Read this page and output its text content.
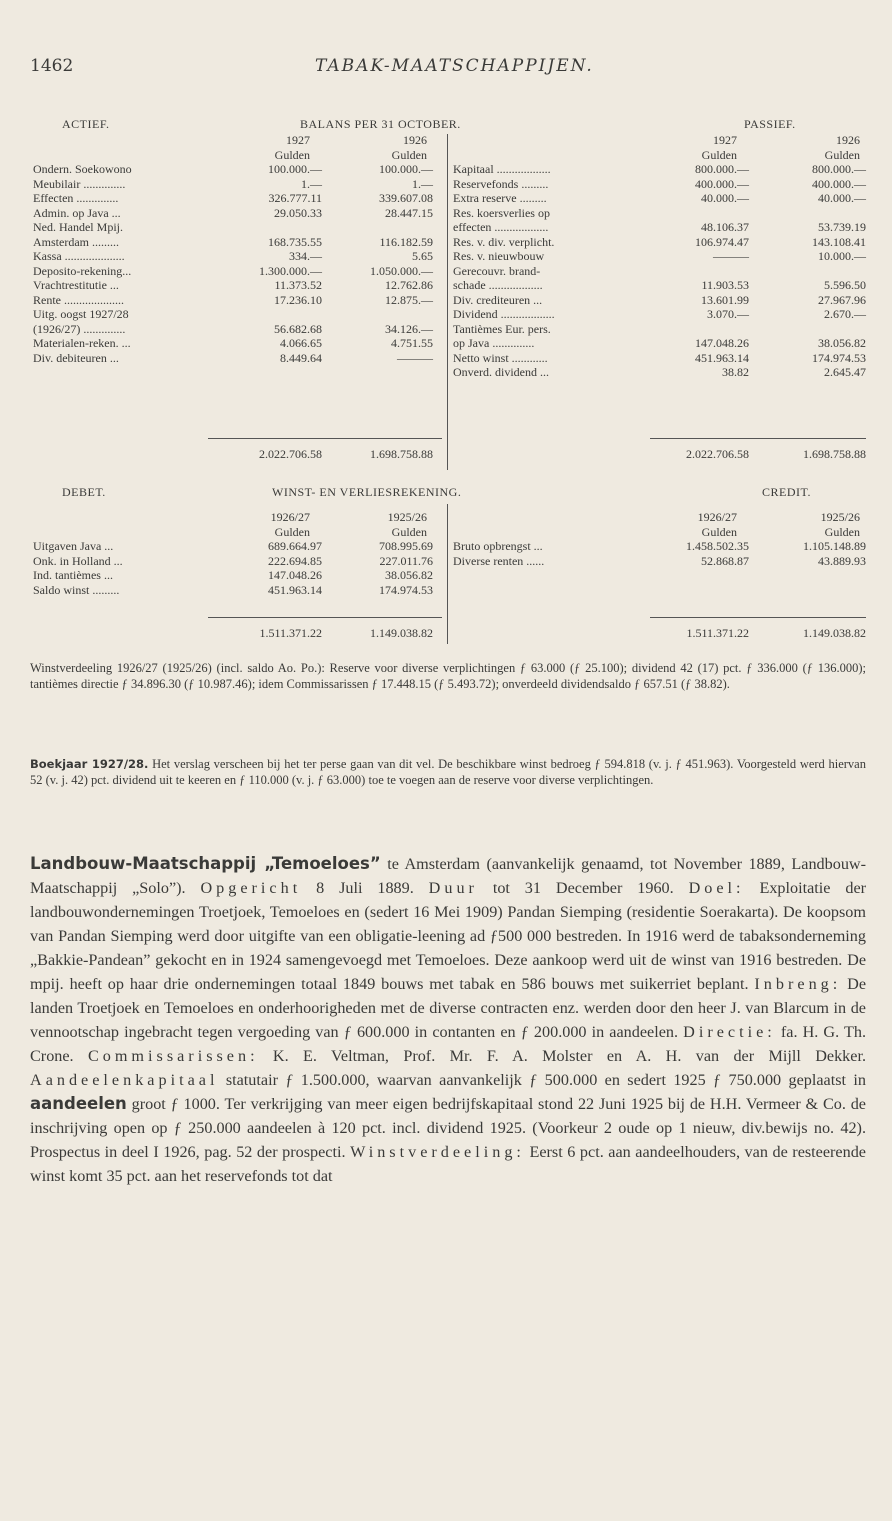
1462	TABAK-MAATSCHAPPIJEN.
ACTIEF.	BALANS PER 31 OCTOBER.	PASSIEF.
1927	1926
Gulden	Gulden
Ondern. Soekowono	100.000.—	100.000.—
Meubilair ..............	1.—	1.—
Effecten ..............	326.777.11	339.607.08
Admin. op Java ...	29.050.33	28.447.15
Ned. Handel Mpij.
Amsterdam .........	168.735.55	116.182.59
Kassa ....................	334.—	5.65
Deposito-rekening...	1.300.000.—	1.050.000.—
Vrachtrestitutie ...	11.373.52	12.762.86
Rente ....................	17.236.10	12.875.—
Uitg. oogst 1927/28
(1926/27) ..............	56.682.68	34.126.—
Materialen-reken. ...	4.066.65	4.751.55
Div. debiteuren ...	8.449.64	———
1927	1926
Gulden	Gulden
Kapitaal ..................	800.000.—	800.000.—
Reservefonds .........	400.000.—	400.000.—
Extra reserve .........	40.000.—	40.000.—
Res. koersverlies op
effecten ..................	48.106.37	53.739.19
Res. v. div. verplicht.	106.974.47	143.108.41
Res. v. nieuwbouw	———	10.000.—
Gerecouvr. brand-
schade ..................	11.903.53	5.596.50
Div. crediteuren ...	13.601.99	27.967.96
Dividend ..................	3.070.—	2.670.—
Tantièmes Eur. pers.
op Java ..............	147.048.26	38.056.82
Netto winst ............	451.963.14	174.974.53
Onverd. dividend ...	38.82	2.645.47
2.022.706.58	1.698.758.88	2.022.706.58	1.698.758.88
DEBET.	WINST- EN VERLIESREKENING.	CREDIT.
1926/27	1925/26
Gulden	Gulden
Uitgaven Java ...	689.664.97	708.995.69
Onk. in Holland ...	222.694.85	227.011.76
Ind. tantièmes ...	147.048.26	38.056.82
Saldo winst .........	451.963.14	174.974.53
1926/27	1925/26
Gulden	Gulden
Bruto opbrengst ...	1.458.502.35	1.105.148.89
Diverse renten ......	52.868.87	43.889.93
1.511.371.22	1.149.038.82	1.511.371.22	1.149.038.82
Winstverdeeling 1926/27 (1925/26) (incl. saldo Ao. Po.): Reserve voor diverse verplichtingen ƒ 63.000 (ƒ 25.100); dividend 42 (17) pct. ƒ 336.000 (ƒ 136.000); tantièmes directie ƒ 34.896.30 (ƒ 10.987.46); idem Commissarissen ƒ 17.448.15 (ƒ 5.493.72); onverdeeld dividendsaldo ƒ 657.51 (ƒ 38.82).
Boekjaar 1927/28. Het verslag verscheen bij het ter perse gaan van dit vel. De beschikbare winst bedroeg ƒ 594.818 (v. j. ƒ 451.963). Voorgesteld werd hiervan 52 (v. j. 42) pct. dividend uit te keeren en ƒ 110.000 (v. j. ƒ 63.000) toe te voegen aan de reserve voor diverse verplichtingen.

Landbouw-Maatschappij „Temoeloes” te Amsterdam (aanvankelijk genaamd, tot November 1889, Landbouw-Maatschappij „Solo”). Opgericht 8 Juli 1889. Duur tot 31 December 1960. Doel: Exploitatie der landbouwondernemingen Troetjoek, Temoeloes en (sedert 16 Mei 1909) Pandan Siemping (residentie Soerakarta). De koopsom van Pandan Siemping werd door uitgifte van een obligatie-leening ad ƒ500 000 bestreden. In 1916 werd de tabaksonderneming „Bakkie-Pandean” gekocht en in 1924 samengevoegd met Temoeloes. Deze aankoop werd uit de winst van 1916 bestreden. De mpij. heeft op haar drie ondernemingen totaal 1849 bouws met tabak en 586 bouws met suikerriet beplant. Inbreng: De landen Troetjoek en Temoeloes en onderhoorigheden met de diverse contracten enz. werden door den heer J. van Blarcum in de vennootschap ingebracht tegen vergoeding van ƒ 600.000 in contanten en ƒ 200.000 in aandeelen. Directie: fa. H. G. Th. Crone. Commissarissen: K. E. Veltman, Prof. Mr. F. A. Molster en A. H. van der Mijll Dekker. Aandeelenkapitaal statutair ƒ 1.500.000, waarvan aanvankelijk ƒ 500.000 en sedert 1925 ƒ 750.000 geplaatst in aandeelen groot ƒ 1000. Ter verkrijging van meer eigen bedrijfskapitaal stond 22 Juni 1925 bij de H.H. Vermeer & Co. de inschrijving open op ƒ 250.000 aandeelen à 120 pct. incl. dividend 1925. (Voorkeur 2 oude op 1 nieuw, div.bewijs no. 42). Prospectus in deel I 1926, pag. 52 der prospecti. Winstverdeeling: Eerst 6 pct. aan aandeelhouders, van de resteerende winst komt 35 pct. aan het reservefonds tot dat
